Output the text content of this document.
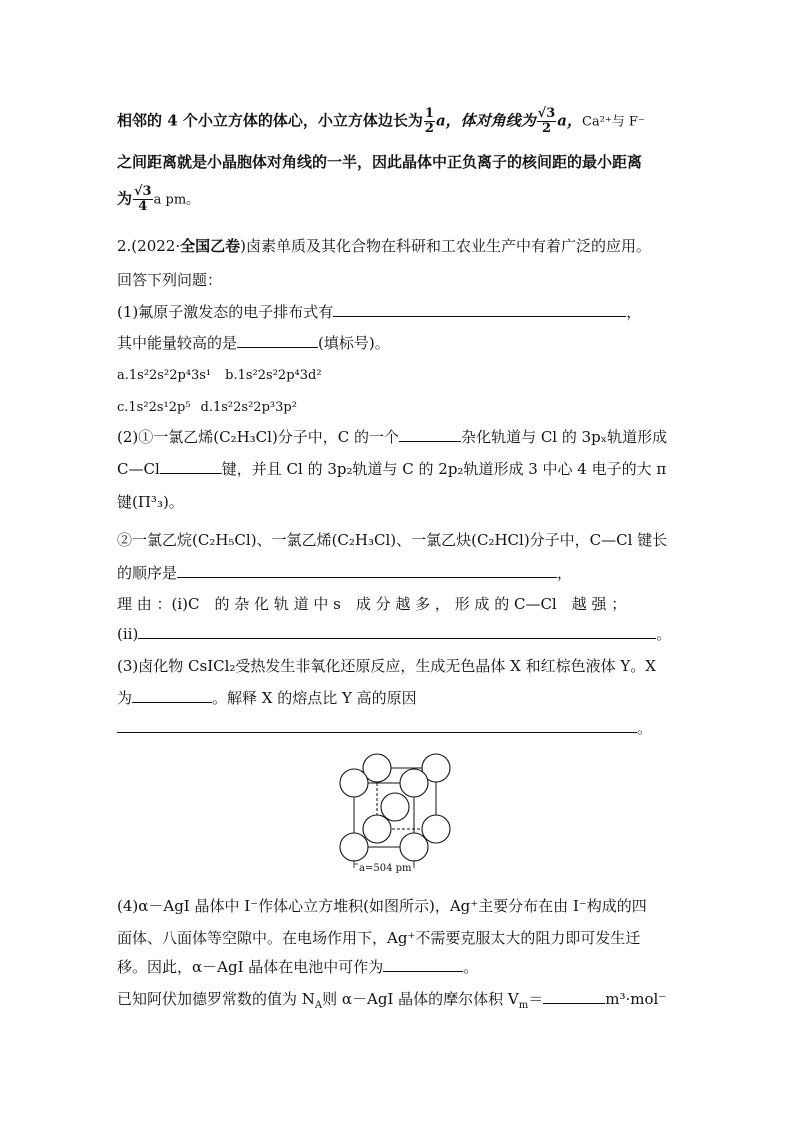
相邻的 4 个小立方体的体心，小立方体边长为 $\frac{1}{2}$ a，体对角线为 $\frac{√3}{2}$ a，Ca²⁺与 F⁻
之间距离就是小晶胞体对角线的一半，因此晶体中正负离子的核间距的最小距离
为 $\frac{√3}{4}$ a pm。
2.(2022·全国乙卷)卤素单质及其化合物在科研和工农业生产中有着广泛的应用。
回答下列问题：
(1)氟原子激发态的电子排布式有	，
其中能量较高的是	(填标号)。
a.1s²2s²2p⁴3s¹ b.1s²2s²2p⁴3d²
c.1s²2s¹2p⁵ d.1s²2s²2p³3p²
(2)①一氯乙烯(C₂H₃Cl)分子中，C 的一个	杂化轨道与 Cl 的 3pₓ轨道形成
C—Cl	键，并且 Cl 的 3p₂轨道与 C 的 2p₂轨道形成 3 中心 4 电子的大 π
键(Π³₃)。
②一氯乙烷(C₂H₅Cl)、一氯乙烯(C₂H₃Cl)、一氯乙炔(C₂HCl)分子中，C—Cl 键长
的顺序是	，
理 由 ：(ⅰ)C　的 杂 化 轨 道 中 s　成 分 越 多 ， 形 成 的 C—Cl　越 强 ；
(ⅱ)	。
(3)卤化物 CsICl₂受热发生非氧化还原反应，生成无色晶体 X 和红棕色液体 Y。X
为	。解释 X 的熔点比 Y 高的原因
。
a=504 pm
(4)α－AgI 晶体中 I⁻作体心立方堆积(如图所示)，Ag⁺主要分布在由 I⁻构成的四
面体、八面体等空隙中。在电场作用下，Ag⁺不需要克服太大的阻力即可发生迁
移。因此，α－AgI 晶体在电池中可作为	。
已知阿伏加德罗常数的值为 $N_A$则 α－AgI 晶体的摩尔体积 $V_m=$	m³·mol⁻
